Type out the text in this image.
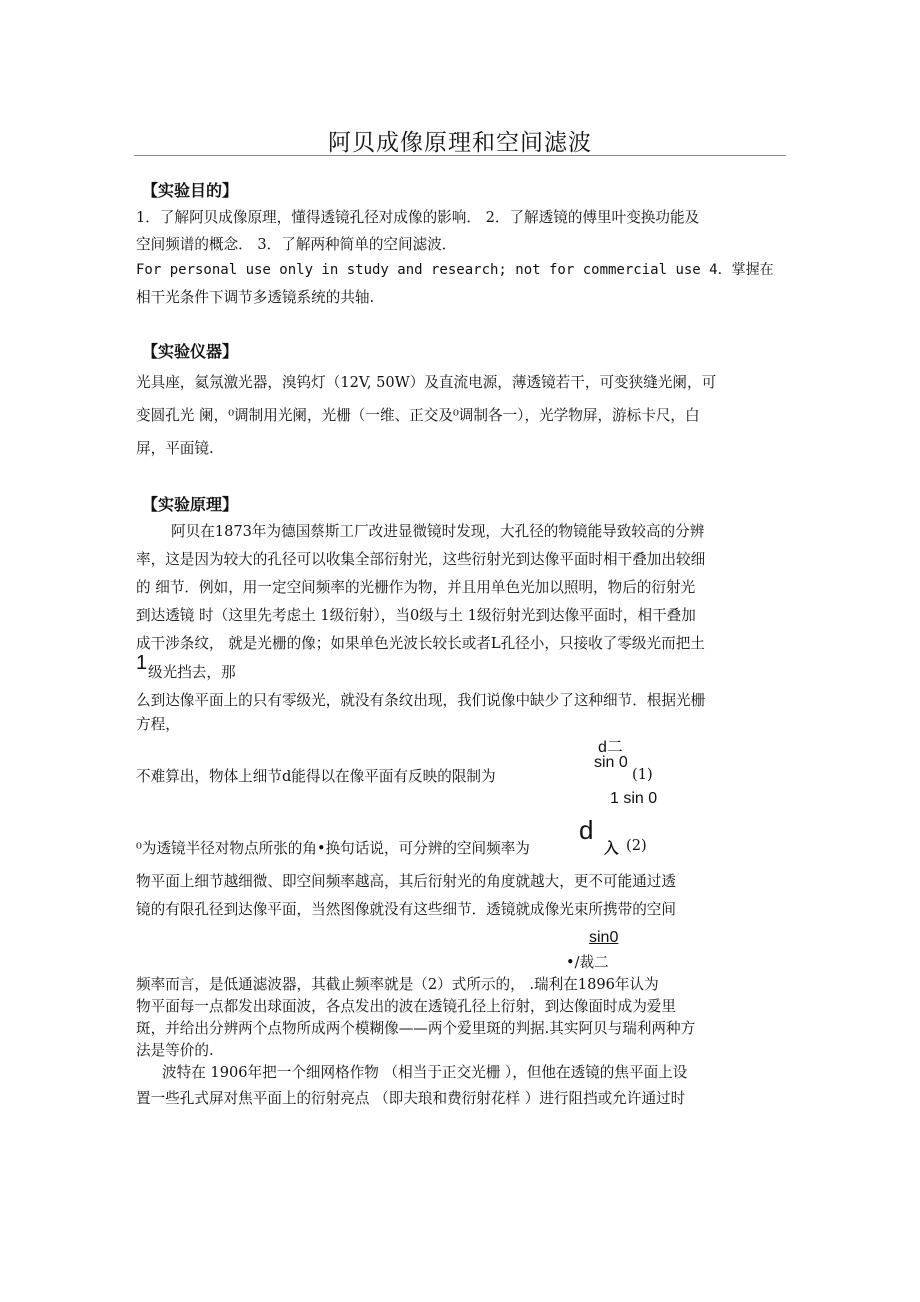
阿贝成像原理和空间滤波
【实验目的】
1．了解阿贝成像原理，懂得透镜孔径对成像的影响． 2．了解透镜的傅里叶变换功能及
空间频谱的概念． 3．了解两种简单的空间滤波．
For personal use only in study and research; not for commercial use 4．掌握在
相干光条件下调节多透镜系统的共轴.
【实验仪器】
光具座，氦氖激光器，溴钨灯（12V, 50W）及直流电源，薄透镜若干，可变狭缝光阑，可
变圆孔光 阑，⁰调制用光阑，光栅（一维、正交及⁰调制各一），光学物屏，游标卡尺，白
屏，平面镜.
【实验原理】
阿贝在1873年为德国蔡斯工厂改进显微镜时发现，大孔径的物镜能导致较高的分辨
率，这是因为较大的孔径可以收集全部衍射光，这些衍射光到达像平面时相干叠加出较细
的 细节．例如，用一定空间频率的光栅作为物，并且用单色光加以照明，物后的衍射光
到达透镜 时（这里先考虑土 1级衍射），当0级与土 1级衍射光到达像平面时，相干叠加
成干涉条纹， 就是光栅的像；如果单色光波长较长或者L孔径小，只接收了零级光而把土
1 级光挡去，那
么到达像平面上的只有零级光，就没有条纹出现，我们说像中缺少了这种细节．根据光栅
方程，
d二
不难算出，物体上细节d能得以在像平面有反映的限制为
sin 0
(1)
1 sin 0
⁰为透镜半径对物点所张的角•换句话说，可分辨的空间频率为
d
入 (2)
物平面上细节越细微、即空间频率越高，其后衍射光的角度就越大，更不可能通过透
镜的有限孔径到达像平面，当然图像就没有这些细节．透镜就成像光束所携带的空间
sin0
•/裁二
频率而言，是低通滤波器，其截止频率就是（2）式所示的， .瑞利在1896年认为
物平面每一点都发出球面波，各点发出的波在透镜孔径上衍射，到达像面时成为爱里
斑，并给出分辨两个点物所成两个模糊像——两个爱里斑的判据.其实阿贝与瑞利两种方
法是等价的.
波特在 1906年把一个细网格作物 （相当于正交光栅 ），但他在透镜的焦平面上设
置一些孔式屏对焦平面上的衍射亮点 （即夫琅和费衍射花样 ）进行阻挡或允许通过时
